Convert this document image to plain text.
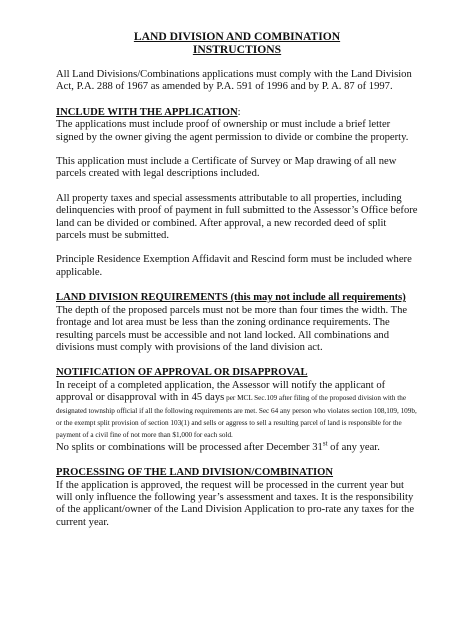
LAND DIVISION AND COMBINATION

INSTRUCTIONS

All Land Divisions/Combinations applications must comply with the Land Division Act, P.A. 288 of 1967 as amended by P.A. 591 of 1996 and by P. A. 87 of 1997.

INCLUDE WITH THE APPLICATION:

The applications must include proof of ownership or must include a brief letter signed by the owner giving the agent permission to divide or combine the property.

This application must include a Certificate of Survey or Map drawing of all new parcels created with legal descriptions included.

All property taxes and special assessments attributable to all properties, including delinquencies with proof of payment in full submitted to the Assessor’s Office before land can be divided or combined. After approval, a new recorded deed of split parcels must be submitted.

Principle Residence Exemption Affidavit and Rescind form must be included where applicable.

LAND DIVISION REQUIREMENTS (this may not include all requirements)

The depth of the proposed parcels must not be more than four times the width. The frontage and lot area must be less than the zoning ordinance requirements. The resulting parcels must be accessible and not land locked. All combinations and divisions must comply with provisions of the land division act.

NOTIFICATION OF APPROVAL OR DISAPPROVAL

In receipt of a completed application, the Assessor will notify the applicant of approval or disapproval with in 45 days per MCL Sec.109 after filing of the proposed division with the designated township official if all the following requirements are met. Sec 64 any person who violates section 108,109, 109b, or the exempt split provision of section 103(1) and sells or aggress to sell a resulting parcel of land is responsible for the payment of a civil fine of not more than $1,000 for each sold.

No splits or combinations will be processed after December 31st of any year.

PROCESSING OF THE LAND DIVISION/COMBINATION

If the application is approved, the request will be processed in the current year but will only influence the following year’s assessment and taxes. It is the responsibility of the applicant/owner of the Land Division Application to pro-rate any taxes for the current year.
